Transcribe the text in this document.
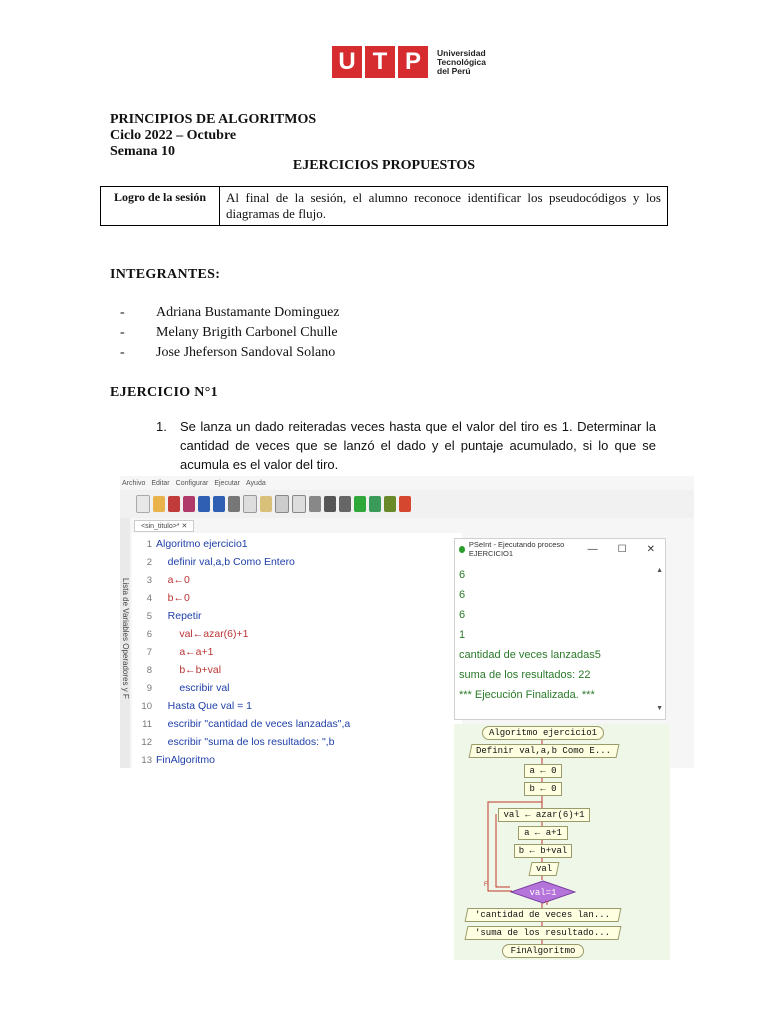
U T P	Universidad
Tecnológica
del Perú
PRINCIPIOS DE ALGORITMOS
Ciclo 2022 – Octubre
Semana 10
EJERCICIOS PROPUESTOS
Logro de la sesión	Al final de la sesión, el alumno reconoce identificar los pseudocódigos y los diagramas de flujo.
INTEGRANTES:
- Adriana Bustamante Dominguez
- Melany Brigith Carbonel Chulle
- Jose Jheferson Sandoval Solano
EJERCICIO N°1
1. Se lanza un dado reiteradas veces hasta que el valor del tiro es 1. Determinar la cantidad de veces que se lanzó el dado y el puntaje acumulado, si lo que se acumula es el valor del tiro.
Archivo Editar Configurar Ejecutar Ayuda
Lista de Variables Operadores y F
<sin_titulo>* ✕
1 Algoritmo ejercicio1
2 definir val,a,b Como Entero
3 a←0
4 b←0
5 Repetir
6 val←azar(6)+1
7 a←a+1
8 b←b+val
9 escribir val
10 Hasta Que val = 1
11 escribir "cantidad de veces lanzadas",a
12 escribir "suma de los resultados: ",b
13 FinAlgoritmo
PSeInt - Ejecutando proceso EJERCICIO1	— ☐ ✕
▲
▼
6
6
6
1
cantidad de veces lanzadas5
suma de los resultados: 22
*** Ejecución Finalizada. ***
Algoritmo ejercicio1
Definir val,a,b Como E...
a ← 0
b ← 0
val ← azar(6)+1
a ← a+1
b ← b+val
val
val=1
F
V
'cantidad de veces lan...
'suma de los resultado...
FinAlgoritmo
